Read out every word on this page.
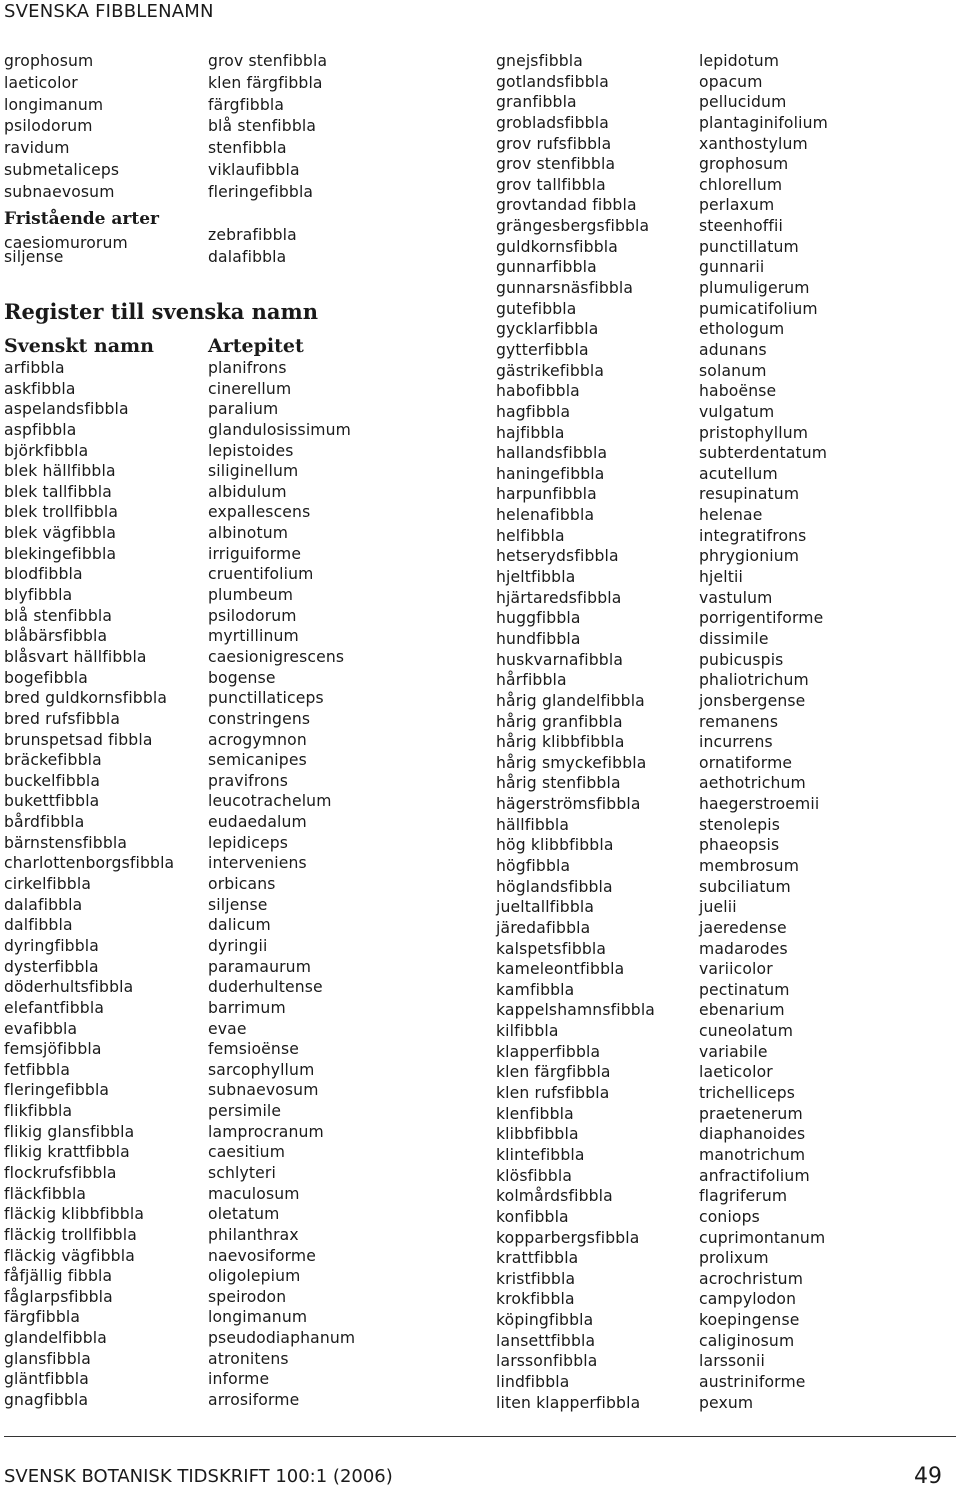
SVENSKA FIBBLENAMN
grophosum
laeticolor
longimanum
psilodorum
ravidum
submetaliceps
subnaevosum
siljense
grov stenfibbla
klen färgfibbla
färgfibbla
blå stenfibbla
stenfibbla
viklaufibbla
fleringefibbla
zebrafibbla
dalafibbla
Fristående arter
caesiomurorum
Register till svenska namn
Svenskt namn	Artepitet
arfibbla
askfibbla
aspelandsfibbla
aspfibbla
björkfibbla
blek hällfibbla
blek tallfibbla
blek trollfibbla
blek vägfibbla
blekingefibbla
blodfibbla
blyfibbla
blå stenfibbla
blåbärsfibbla
blåsvart hällfibbla
bogefibbla
bred guldkornsfibbla
bred rufsfibbla
brunspetsad fibbla
bräckefibbla
buckelfibbla
bukettfibbla
bårdfibbla
bärnstensfibbla
charlottenborgsfibbla
cirkelfibbla
dalafibbla
dalfibbla
dyringfibbla
dysterfibbla
döderhultsfibbla
elefantfibbla
evafibbla
femsjöfibbla
fetfibbla
fleringefibbla
flikfibbla
flikig glansfibbla
flikig krattfibbla
flockrufsfibbla
fläckfibbla
fläckig klibbfibbla
fläckig trollfibbla
fläckig vägfibbla
fåfjällig fibbla
fåglarpsfibbla
färgfibbla
glandelfibbla
glansfibbla
gläntfibbla
gnagfibbla
planifrons
cinerellum
paralium
glandulosissimum
lepistoides
siliginellum
albidulum
expallescens
albinotum
irriguiforme
cruentifolium
plumbeum
psilodorum
myrtillinum
caesionigrescens
bogense
punctillaticeps
constringens
acrogymnon
semicanipes
pravifrons
leucotrachelum
eudaedalum
lepidiceps
interveniens
orbicans
siljense
dalicum
dyringii
paramaurum
duderhultense
barrimum
evae
femsioënse
sarcophyllum
subnaevosum
persimile
lamprocranum
caesitium
schlyteri
maculosum
oletatum
philanthrax
naevosiforme
oligolepium
speirodon
longimanum
pseudodiaphanum
atronitens
informe
arrosiforme
gnejsfibbla
gotlandsfibbla
granfibbla
grobladsfibbla
grov rufsfibbla
grov stenfibbla
grov tallfibbla
grovtandad fibbla
grängesbergsfibbla
guldkornsfibbla
gunnarfibbla
gunnarsnäsfibbla
gutefibbla
gycklarfibbla
gytterfibbla
gästrikefibbla
habofibbla
hagfibbla
hajfibbla
hallandsfibbla
haningefibbla
harpunfibbla
helenafibbla
helfibbla
hetserydsfibbla
hjeltfibbla
hjärtaredsfibbla
huggfibbla
hundfibbla
huskvarnafibbla
hårfibbla
hårig glandelfibbla
hårig granfibbla
hårig klibbfibbla
hårig smyckefibbla
hårig stenfibbla
hägerströmsfibbla
hällfibbla
hög klibbfibbla
högfibbla
höglandsfibbla
jueltallfibbla
järedafibbla
kalspetsfibbla
kameleontfibbla
kamfibbla
kappelshamnsfibbla
kilfibbla
klapperfibbla
klen färgfibbla
klen rufsfibbla
klenfibbla
klibbfibbla
klintefibbla
klösfibbla
kolmårdsfibbla
konfibbla
kopparbergsfibbla
krattfibbla
kristfibbla
krokfibbla
köpingfibbla
lansettfibbla
larssonfibbla
lindfibbla
liten klapperfibbla
lepidotum
opacum
pellucidum
plantaginifolium
xanthostylum
grophosum
chlorellum
perlaxum
steenhoffii
punctillatum
gunnarii
plumuligerum
pumicatifolium
ethologum
adunans
solanum
haboënse
vulgatum
pristophyllum
subterdentatum
acutellum
resupinatum
helenae
integratifrons
phrygionium
hjeltii
vastulum
porrigentiforme
dissimile
pubicuspis
phaliotrichum
jonsbergense
remanens
incurrens
ornatiforme
aethotrichum
haegerstroemii
stenolepis
phaeopsis
membrosum
subciliatum
juelii
jaeredense
madarodes
variicolor
pectinatum
ebenarium
cuneolatum
variabile
laeticolor
trichelliceps
praetenerum
diaphanoides
manotrichum
anfractifolium
flagriferum
coniops
cuprimontanum
prolixum
acrochristum
campylodon
koepingense
caliginosum
larssonii
austriniforme
pexum
SVENSK BOTANISK TIDSKRIFT 100:1 (2006)	49
